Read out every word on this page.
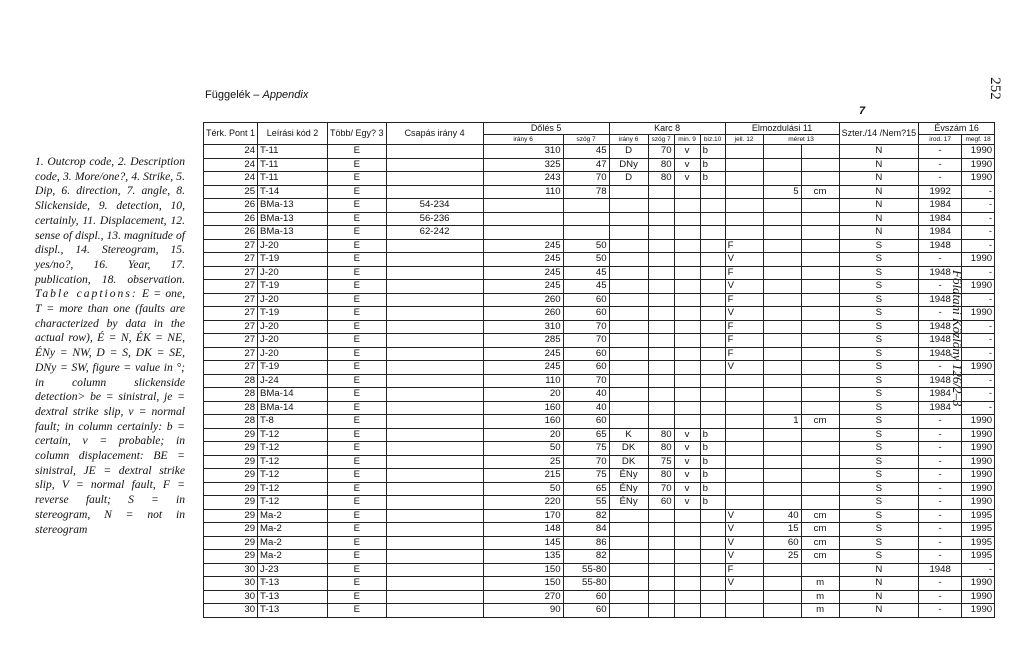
252
Földtani Közlöny 126/2–3
Függelék – Appendix
7
1. Outcrop code, 2. Description code, 3. More/one?, 4. Strike, 5. Dip, 6. direction, 7. angle, 8. Slickenside, 9. detection, 10, certainly, 11. Displacement, 12. sense of displ., 13. magnitude of displ., 14. Stereogram, 15. yes/no?, 16. Year, 17. publication, 18. observation. Table captions: E = one, T = more than one (faults are characterized by data in the actual row), É = N, ÉK = NE, ÉNy = NW, D = S, DK = SE, DNy = SW, figure = value in °; in column slickenside detection> be = sinistral, je = dextral strike slip, v = normal fault; in column certainly: b = certain, v = probable; in column displacement: BE = sinistral, JE = dextral strike slip, V = normal fault, F = reverse fault; S = in stereogram, N = not in stereogram
Térk. Pont 1	Leírási kód 2	Több/ Egy? 3	Csapás irány 4	Dőlés 5		Karc 8				Elmozdulási 11			Szter./14 /Nem?15	Évszám 16	
				irány 6	szög 7	irány 6	szög 7	min. 9	biz.10	jell. 12	méret 13			irod. 17	megf. 18
24	T-11	E		310	45	D	70	v	b				N	-	1990
24	T-11	E		325	47	DNy	80	v	b				N	-	1990
24	T-11	E		243	70	D	80	v	b				N	-	1990
25	T-14	E		110	78						5	cm	N	1992	-
26	BMa-13	E	54-234										N	1984	-
26	BMa-13	E	56-236										N	1984	-
26	BMa-13	E	62-242										N	1984	-
27	J-20	E		245	50					F			S	1948	-
27	T-19	E		245	50					V			S	-	1990
27	J-20	E		245	45					F			S	1948	-
27	T-19	E		245	45					V			S	-	1990
27	J-20	E		260	60					F			S	1948	-
27	T-19	E		260	60					V			S	-	1990
27	J-20	E		310	70					F			S	1948	-
27	J-20	E		285	70					F			S	1948	-
27	J-20	E		245	60					F			S	1948	-
27	T-19	E		245	60					V			S	-	1990
28	J-24	E		110	70								S	1948	-
28	BMa-14	E		20	40								S	1984	-
28	BMa-14	E		160	40								S	1984	-
28	T-8	E		160	60						1	cm	S	-	1990
29	T-12	E		20	65	K	80	v	b				S	-	1990
29	T-12	E		50	75	DK	80	v	b				S	-	1990
29	T-12	E		25	70	DK	75	v	b				S	-	1990
29	T-12	E		215	75	ÉNy	80	v	b				S	-	1990
29	T-12	E		50	65	ÉNy	70	v	b				S	-	1990
29	T-12	E		220	55	ÉNy	60	v	b				S	-	1990
29	Ma-2	E		170	82					V	40	cm	S	-	1995
29	Ma-2	E		148	84					V	15	cm	S	-	1995
29	Ma-2	E		145	86					V	60	cm	S	-	1995
29	Ma-2	E		135	82					V	25	cm	S	-	1995
30	J-23	E		150	55-80					F			N	1948	-
30	T-13	E		150	55-80					V		m	N	-	1990
30	T-13	E		270	60							m	N	-	1990
30	T-13	E		90	60							m	N	-	1990
